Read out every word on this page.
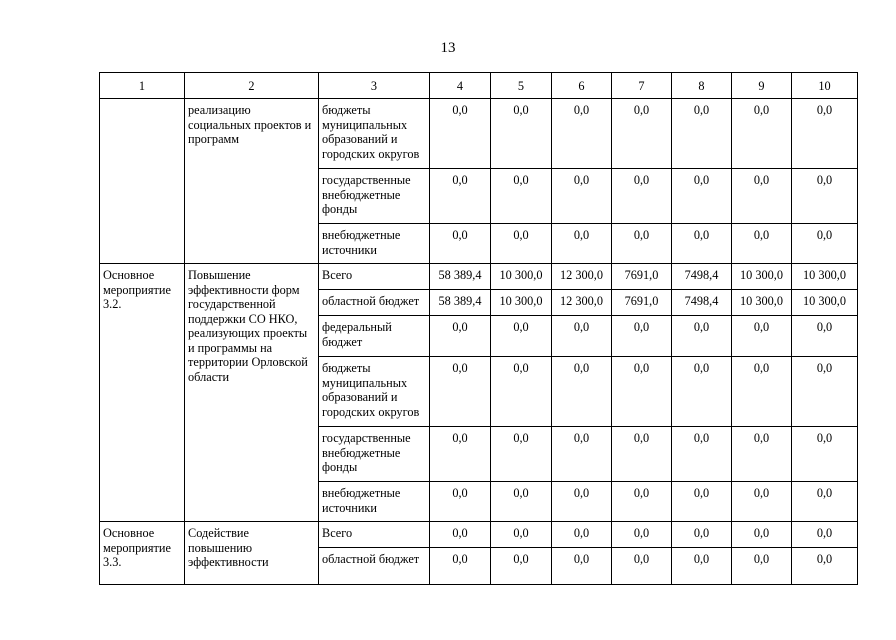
13
1	2	3	4	5	6	7	8	9	10
	реализацию социальных проектов и программ	бюджеты муниципальных образований и городских округов	0,0	0,0	0,0	0,0	0,0	0,0	0,0
		государственные внебюджетные фонды	0,0	0,0	0,0	0,0	0,0	0,0	0,0
		внебюджетные источники	0,0	0,0	0,0	0,0	0,0	0,0	0,0
Основное мероприятие 3.2.	Повышение эффективности форм государственной поддержки СО НКО, реализующих проекты и программы на территории Орловской области	Всего	58 389,4	10 300,0	12 300,0	7691,0	7498,4	10 300,0	10 300,0
		областной бюджет	58 389,4	10 300,0	12 300,0	7691,0	7498,4	10 300,0	10 300,0
		федеральный бюджет	0,0	0,0	0,0	0,0	0,0	0,0	0,0
		бюджеты муниципальных образований и городских округов	0,0	0,0	0,0	0,0	0,0	0,0	0,0
		государственные внебюджетные фонды	0,0	0,0	0,0	0,0	0,0	0,0	0,0
		внебюджетные источники	0,0	0,0	0,0	0,0	0,0	0,0	0,0
Основное мероприятие 3.3.	Содействие повышению эффективности	Всего	0,0	0,0	0,0	0,0	0,0	0,0	0,0
		областной бюджет	0,0	0,0	0,0	0,0	0,0	0,0	0,0
